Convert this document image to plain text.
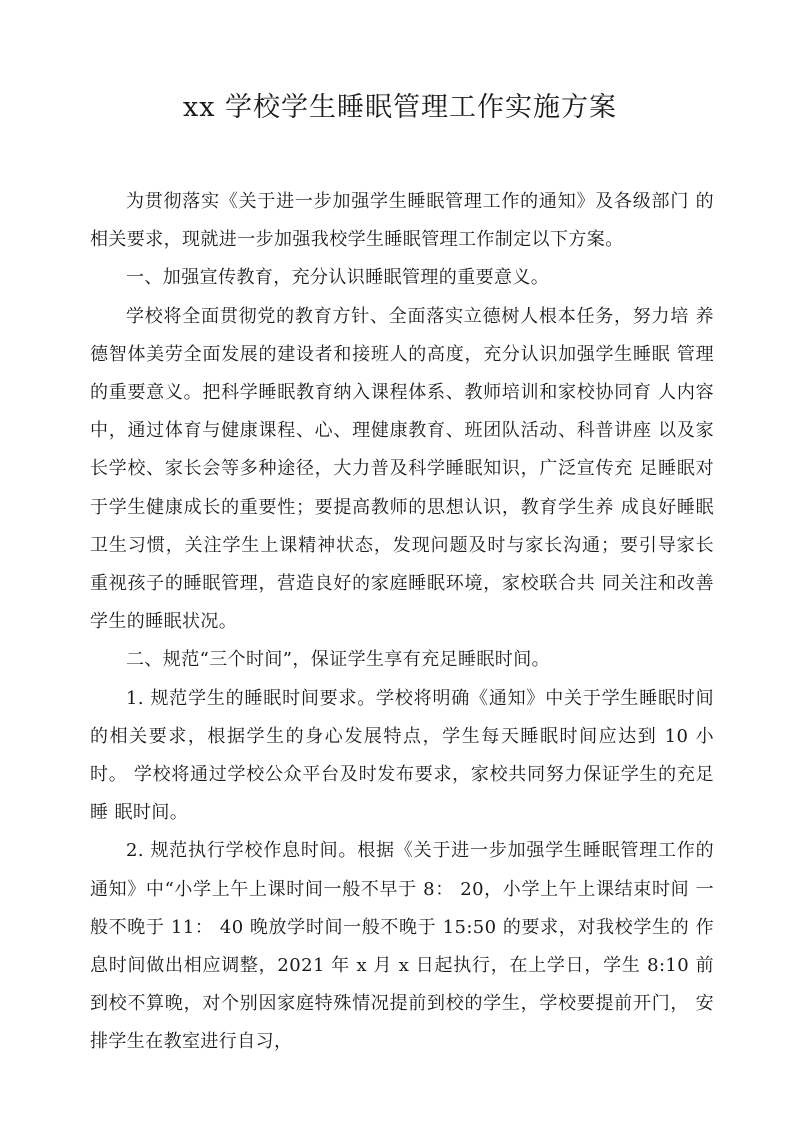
xx 学校学生睡眠管理工作实施方案

为贯彻落实《关于进一步加强学生睡眠管理工作的通知》及各级部门 的相关要求，现就进一步加强我校学生睡眠管理工作制定以下方案。

一、加强宣传教育，充分认识睡眠管理的重要意义。

学校将全面贯彻党的教育方针、全面落实立德树人根本任务，努力培 养德智体美劳全面发展的建设者和接班人的高度，充分认识加强学生睡眠 管理的重要意义。把科学睡眠教育纳入课程体系、教师培训和家校协同育 人内容中，通过体育与健康课程、心、理健康教育、班团队活动、科普讲座 以及家长学校、家长会等多种途径，大力普及科学睡眠知识，广泛宣传充 足睡眠对于学生健康成长的重要性；要提高教师的思想认识，教育学生养 成良好睡眠卫生习惯，关注学生上课精神状态，发现问题及时与家长沟通；要引导家长重视孩子的睡眠管理，营造良好的家庭睡眠环境，家校联合共 同关注和改善学生的睡眠状况。

二、规范“三个时间”，保证学生享有充足睡眠时间。

1. 规范学生的睡眠时间要求。学校将明确《通知》中关于学生睡眠时间 的相关要求，根据学生的身心发展特点，学生每天睡眠时间应达到 10 小时。 学校将通过学校公众平台及时发布要求，家校共同努力保证学生的充足睡 眠时间。

2. 规范执行学校作息时间。根据《关于进一步加强学生睡眠管理工作的 通知》中“小学上午上课时间一般不早于 8： 20，小学上午上课结束时间 一般不晚于 11： 40 晚放学时间一般不晚于 15:50 的要求，对我校学生的 作息时间做出相应调整，2021 年 x 月 x 日起执行，在上学日，学生 8:10 前到校不算晚，对个别因家庭特殊情况提前到校的学生，学校要提前开门， 安排学生在教室进行自习，
